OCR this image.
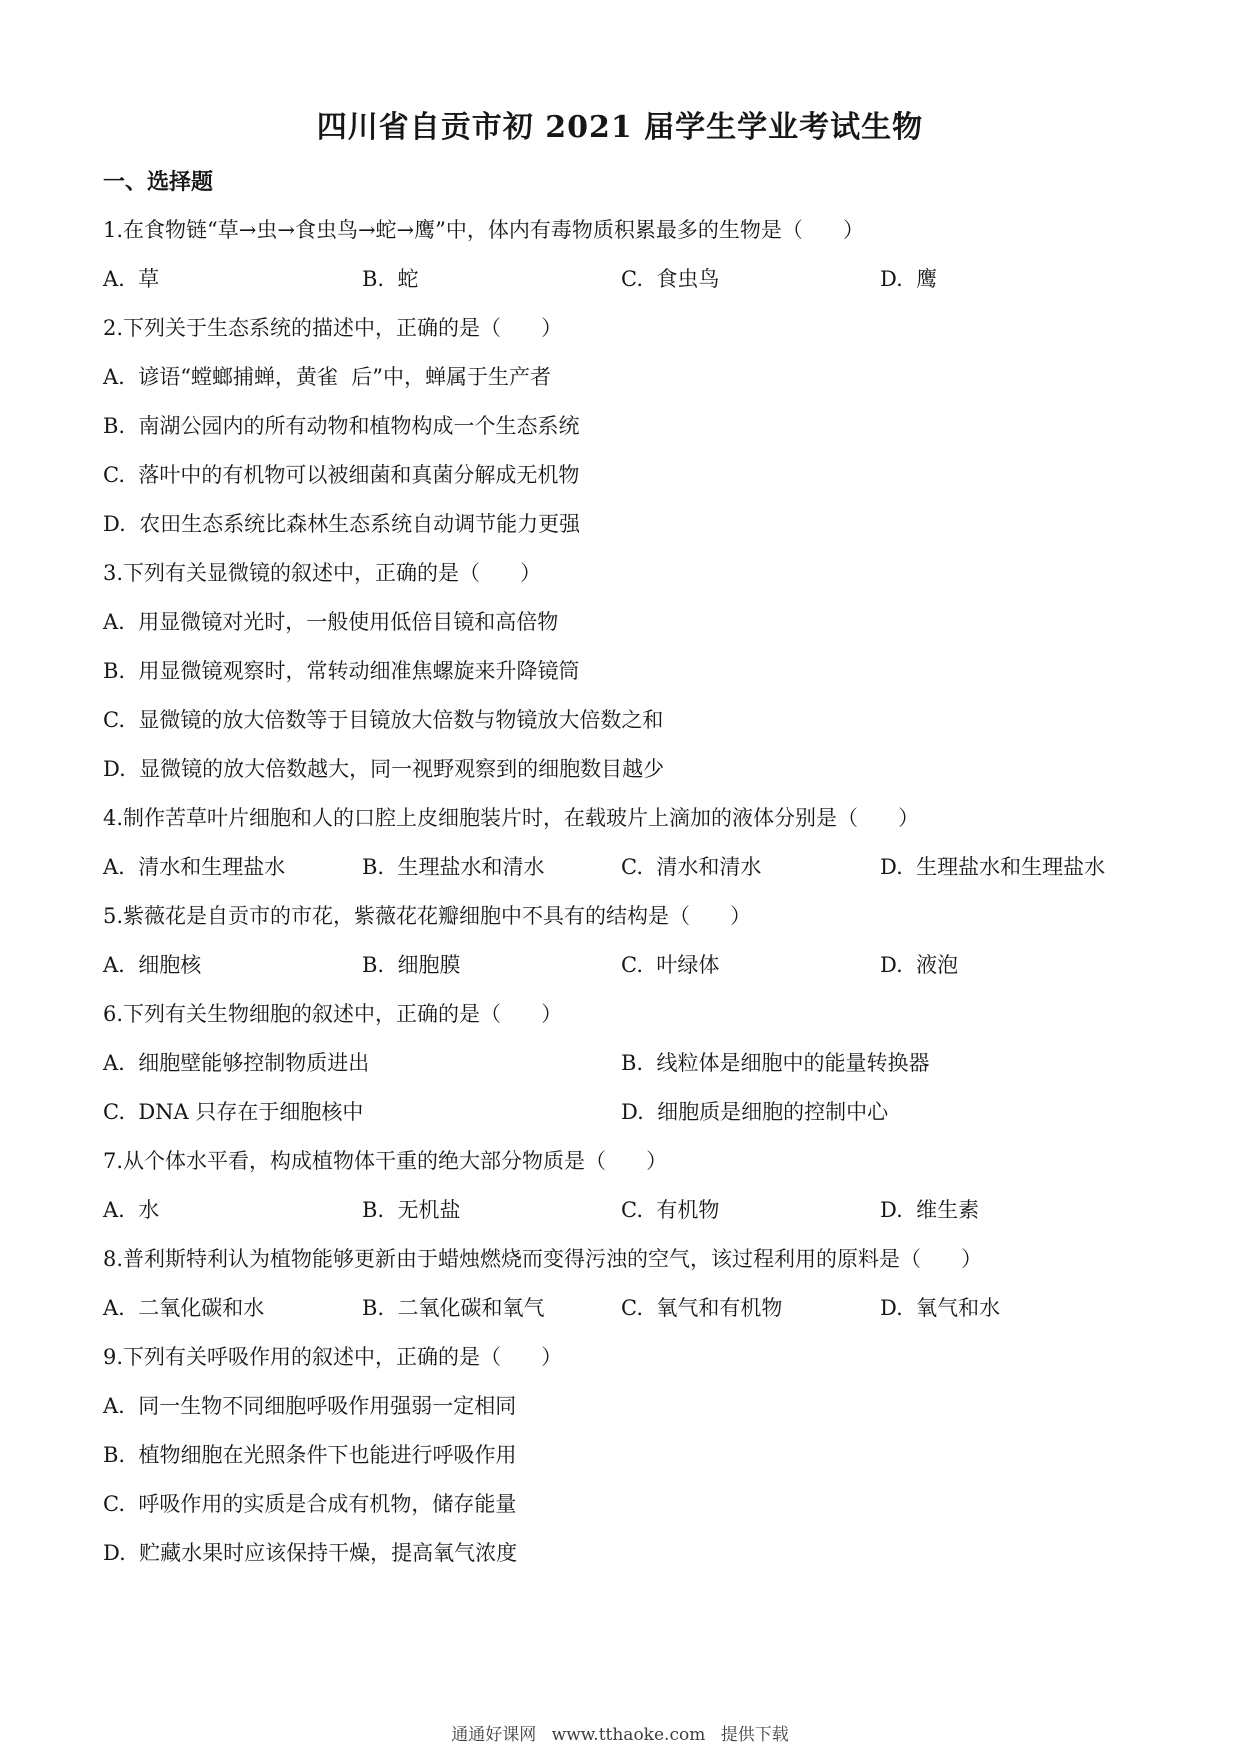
四川省自贡市初 2021 届学生学业考试生物
一、选择题
1.在食物链“草→虫→食虫鸟→蛇→鹰”中，体内有毒物质积累最多的生物是（      ）
A.  草	B.  蛇	C.  食虫鸟	D.  鹰
2.下列关于生态系统的描述中，正确的是（      ）
A.  谚语“螳螂捕蝉，黄雀  后”中，蝉属于生产者
B.  南湖公园内的所有动物和植物构成一个生态系统
C.  落叶中的有机物可以被细菌和真菌分解成无机物
D.  农田生态系统比森林生态系统自动调节能力更强
3.下列有关显微镜的叙述中，正确的是（      ）
A.  用显微镜对光时，一般使用低倍目镜和高倍物
B.  用显微镜观察时，常转动细准焦螺旋来升降镜筒
C.  显微镜的放大倍数等于目镜放大倍数与物镜放大倍数之和
D.  显微镜的放大倍数越大，同一视野观察到的细胞数目越少
4.制作苦草叶片细胞和人的口腔上皮细胞装片时，在载玻片上滴加的液体分别是（      ）
A.  清水和生理盐水	B.  生理盐水和清水	C.  清水和清水	D.  生理盐水和生理盐水
5.紫薇花是自贡市的市花，紫薇花花瓣细胞中不具有的结构是（      ）
A.  细胞核	B.  细胞膜	C.  叶绿体	D.  液泡
6.下列有关生物细胞的叙述中，正确的是（      ）
A.  细胞壁能够控制物质进出	B.  线粒体是细胞中的能量转换器
C.  DNA 只存在于细胞核中	D.  细胞质是细胞的控制中心
7.从个体水平看，构成植物体干重的绝大部分物质是（      ）
A.  水	B.  无机盐	C.  有机物	D.  维生素
8.普利斯特利认为植物能够更新由于蜡烛燃烧而变得污浊的空气，该过程利用的原料是（      ）
A.  二氧化碳和水	B.  二氧化碳和氧气	C.  氧气和有机物	D.  氧气和水
9.下列有关呼吸作用的叙述中，正确的是（      ）
A.  同一生物不同细胞呼吸作用强弱一定相同
B.  植物细胞在光照条件下也能进行呼吸作用
C.  呼吸作用的实质是合成有机物，储存能量
D.  贮藏水果时应该保持干燥，提高氧气浓度
通通好课网 www.tthaoke.com 提供下载
